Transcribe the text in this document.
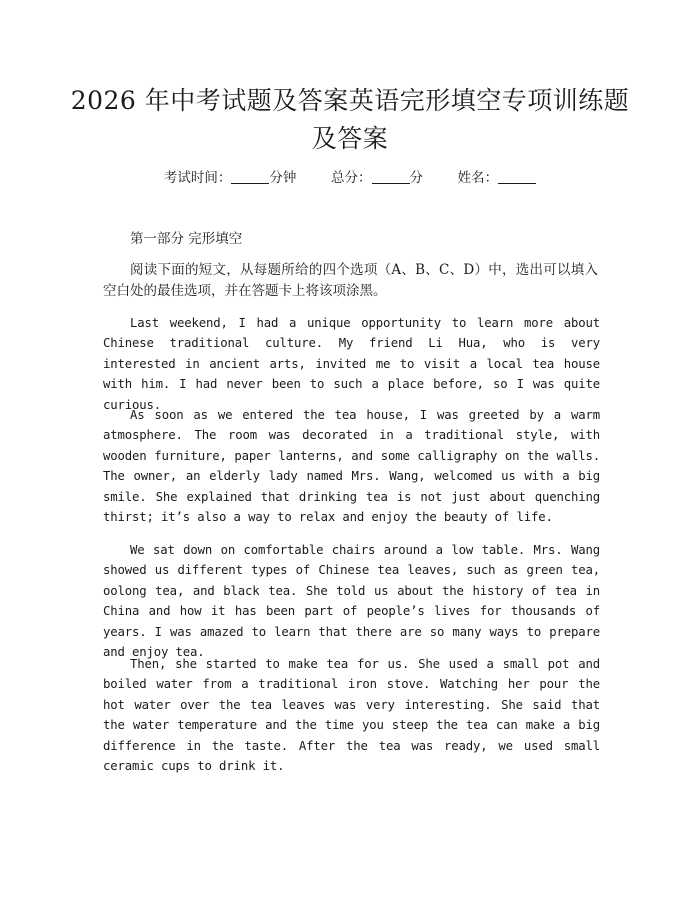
2026 年中考试题及答案英语完形填空专项训练题及答案
考试时间：	分钟	总分：	分	姓名：
第一部分 完形填空

阅读下面的短文，从每题所给的四个选项（A、B、C、D）中，选出可以填入空白处的最佳选项，并在答题卡上将该项涂黑。

Last weekend, I had a unique opportunity to learn more about Chinese traditional culture. My friend Li Hua, who is very interested in ancient arts, invited me to visit a local tea house with him. I had never been to such a place before, so I was quite curious.

As soon as we entered the tea house, I was greeted by a warm atmosphere. The room was decorated in a traditional style, with wooden furniture, paper lanterns, and some calligraphy on the walls. The owner, an elderly lady named Mrs. Wang, welcomed us with a big smile. She explained that drinking tea is not just about quenching thirst; it’s also a way to relax and enjoy the beauty of life.

We sat down on comfortable chairs around a low table. Mrs. Wang showed us different types of Chinese tea leaves, such as green tea, oolong tea, and black tea. She told us about the history of tea in China and how it has been part of people’s lives for thousands of years. I was amazed to learn that there are so many ways to prepare and enjoy tea.

Then, she started to make tea for us. She used a small pot and boiled water from a traditional iron stove. Watching her pour the hot water over the tea leaves was very interesting. She said that the water temperature and the time you steep the tea can make a big difference in the taste. After the tea was ready, we used small ceramic cups to drink it.
